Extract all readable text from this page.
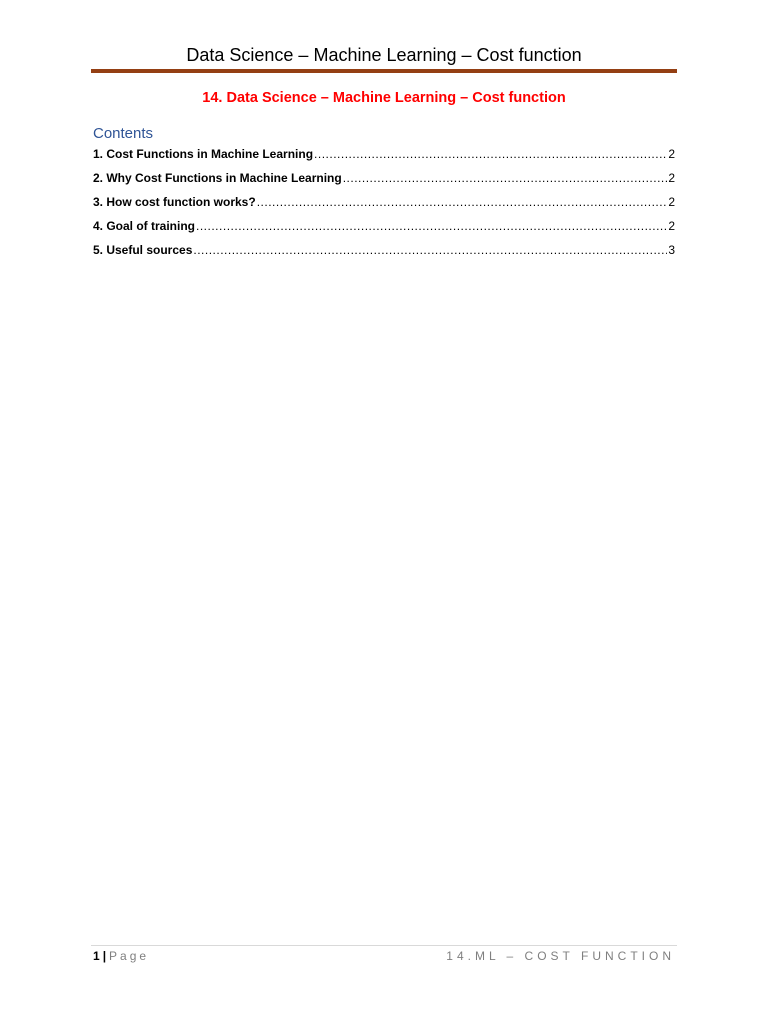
Data Science – Machine Learning – Cost function
14. Data Science – Machine Learning – Cost function
Contents
1. Cost Functions in Machine Learning .....	2
2. Why Cost Functions in Machine Learning .....	2
3. How cost function works? .....	2
4. Goal of training .....	2
5. Useful sources .....	3
1 | Page	14.ML – COST FUNCTION
